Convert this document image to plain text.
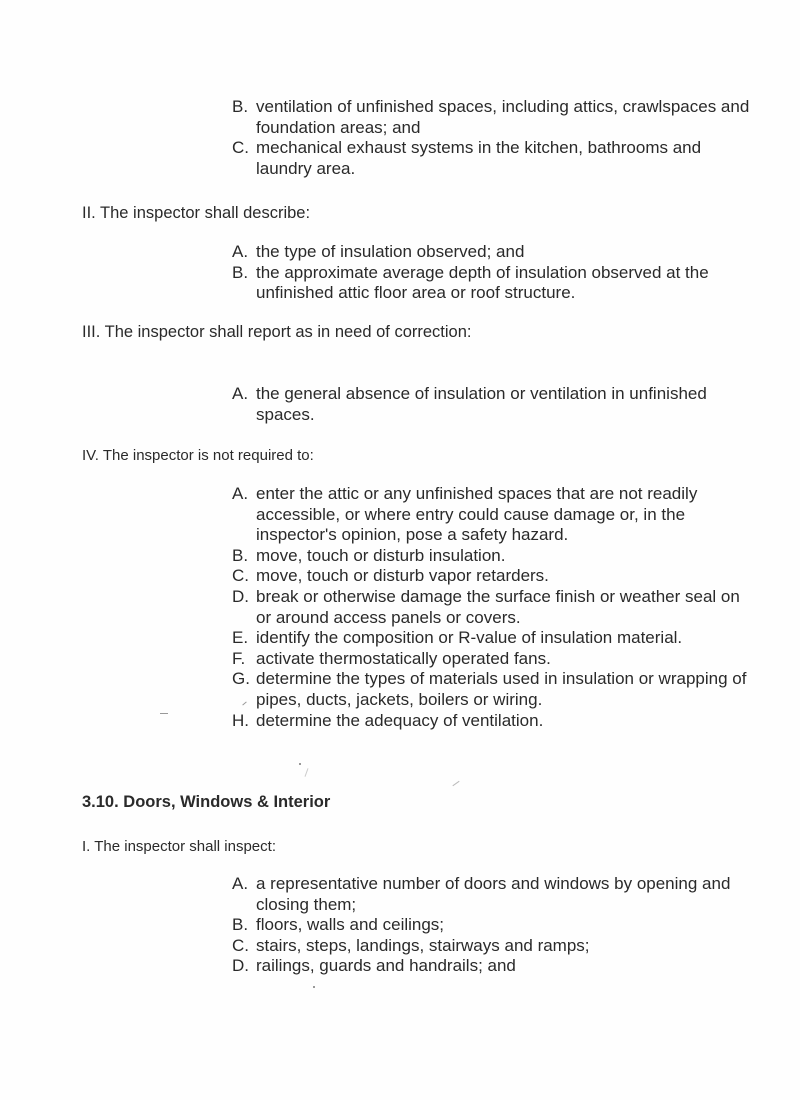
B. ventilation of unfinished spaces, including attics, crawlspaces and foundation areas; and
C. mechanical exhaust systems in the kitchen, bathrooms and laundry area.

II. The inspector shall describe:

A. the type of insulation observed; and
B. the approximate average depth of insulation observed at the unfinished attic floor area or roof structure.

III. The inspector shall report as in need of correction:

A. the general absence of insulation or ventilation in unfinished spaces.

IV. The inspector is not required to:

A. enter the attic or any unfinished spaces that are not readily accessible, or where entry could cause damage or, in the inspector's opinion, pose a safety hazard.
B. move, touch or disturb insulation.
C. move, touch or disturb vapor retarders.
D. break or otherwise damage the surface finish or weather seal on or around access panels or covers.
E. identify the composition or R-value of insulation material.
F. activate thermostatically operated fans.
G. determine the types of materials used in insulation or wrapping of pipes, ducts, jackets, boilers or wiring.
H. determine the adequacy of ventilation.

3.10. Doors, Windows & Interior

I. The inspector shall inspect:

A. a representative number of doors and windows by opening and closing them;
B. floors, walls and ceilings;
C. stairs, steps, landings, stairways and ramps;
D. railings, guards and handrails; and
